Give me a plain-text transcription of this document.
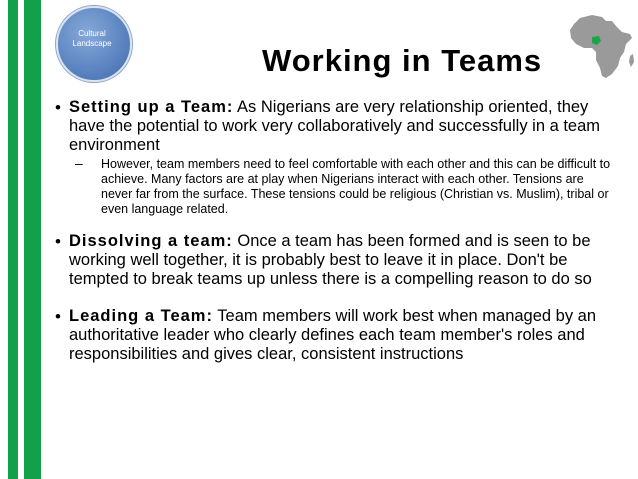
Cultural
Landscape	Working in Teams
• Setting up a Team: As Nigerians are very relationship oriented, they have the potential to work very collaboratively and successfully in a team environment
– However, team members need to feel comfortable with each other and this can be difficult to achieve. Many factors are at play when Nigerians interact with each other. Tensions are never far from the surface. These tensions could be religious (Christian vs. Muslim), tribal or even language related.
• Dissolving a team: Once a team has been formed and is seen to be working well together, it is probably best to leave it in place. Don't be tempted to break teams up unless there is a compelling reason to do so
• Leading a Team: Team members will work best when managed by an authoritative leader who clearly defines each team member's roles and responsibilities and gives clear, consistent instructions
